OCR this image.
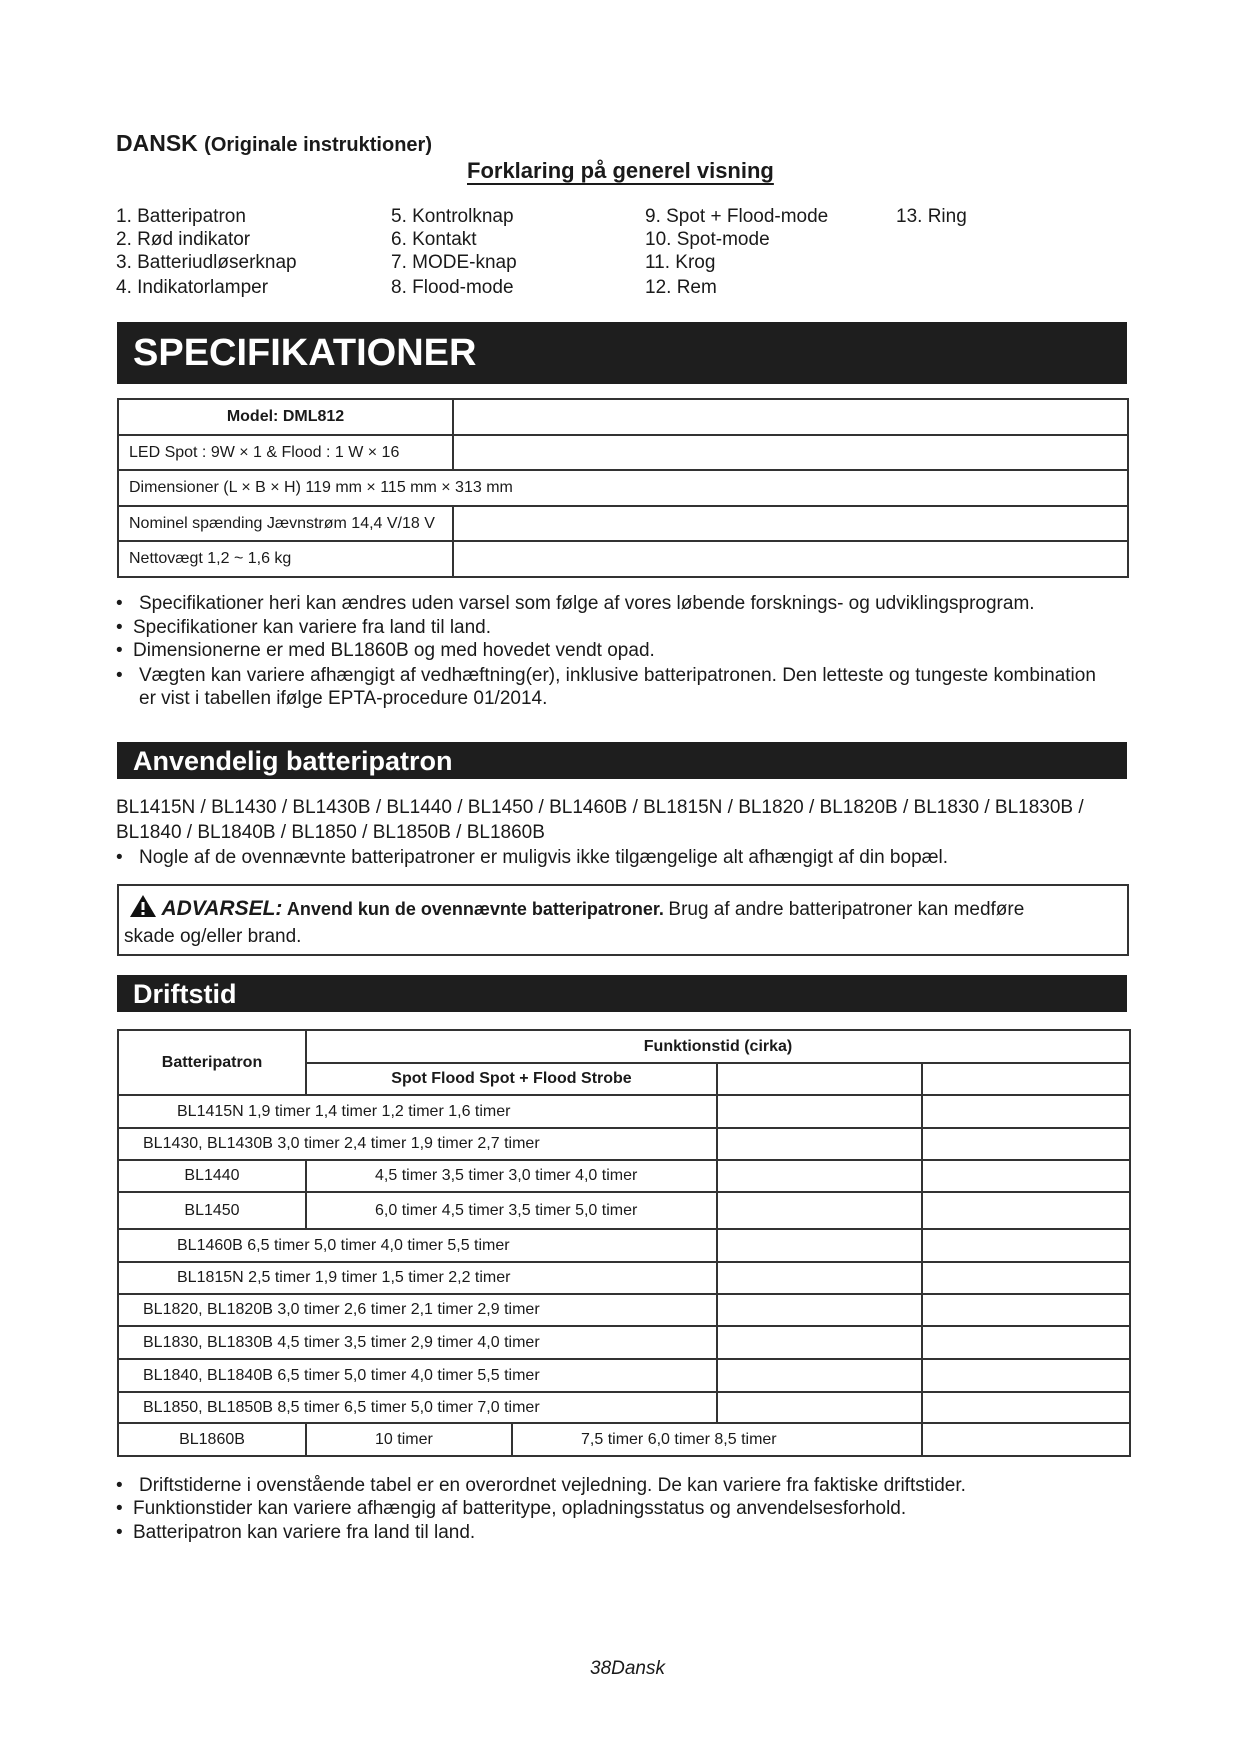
DANSK (Originale instruktioner)
Forklaring på generel visning
1. Batteripatron
2. Rød indikator
3. Batteriudløserknap
4. Indikatorlamper
5. Kontrolknap
6. Kontakt
7. MODE-knap
8. Flood-mode
9. Spot + Flood-mode
10. Spot-mode
11. Krog
12. Rem
13. Ring
SPECIFIKATIONER
Model: DML812	
LED Spot : 9W × 1 & Flood : 1 W × 16	
Dimensioner (L × B × H) 119 mm × 115 mm × 313 mm	
Nominel spænding Jævnstrøm 14,4 V/18 V	
Nettovægt 1,2 ~ 1,6 kg	
• Specifikationer heri kan ændres uden varsel som følge af vores løbende forsknings- og udviklingsprogram.
• Specifikationer kan variere fra land til land.
• Dimensionerne er med BL1860B og med hovedet vendt opad.
• Vægten kan variere afhængigt af vedhæftning(er), inklusive batteripatronen. Den letteste og tungeste kombination
er vist i tabellen ifølge EPTA-procedure 01/2014.
Anvendelig batteripatron
BL1415N / BL1430 / BL1430B / BL1440 / BL1450 / BL1460B / BL1815N / BL1820 / BL1820B / BL1830 / BL1830B /
BL1840 / BL1840B / BL1850 / BL1850B / BL1860B
• Nogle af de ovennævnte batteripatroner er muligvis ikke tilgængelige alt afhængigt af din bopæl.
ADVARSEL: Anvend kun de ovennævnte batteripatroner. Brug af andre batteripatroner kan medføre
skade og/eller brand.
Driftstid
Batteripatron	Funktionstid (cirka)			
	Spot Flood Spot + Flood Strobe			
BL1415N 1,9 timer 1,4 timer 1,2 timer 1,6 timer				
BL1430, BL1430B 3,0 timer 2,4 timer 1,9 timer 2,7 timer				
BL1440	4,5 timer 3,5 timer 3,0 timer 4,0 timer			
BL1450	6,0 timer 4,5 timer 3,5 timer 5,0 timer			
BL1460B 6,5 timer 5,0 timer 4,0 timer 5,5 timer				
BL1815N 2,5 timer 1,9 timer 1,5 timer 2,2 timer				
BL1820, BL1820B 3,0 timer 2,6 timer 2,1 timer 2,9 timer				
BL1830, BL1830B 4,5 timer 3,5 timer 2,9 timer 4,0 timer				
BL1840, BL1840B 6,5 timer 5,0 timer 4,0 timer 5,5 timer				
BL1850, BL1850B 8,5 timer 6,5 timer 5,0 timer 7,0 timer				
BL1860B	10 timer	7,5 timer 6,0 timer 8,5 timer		
• Driftstiderne i ovenstående tabel er en overordnet vejledning. De kan variere fra faktiske driftstider.
• Funktionstider kan variere afhængig af batteritype, opladningsstatus og anvendelsesforhold.
• Batteripatron kan variere fra land til land.
38Dansk
